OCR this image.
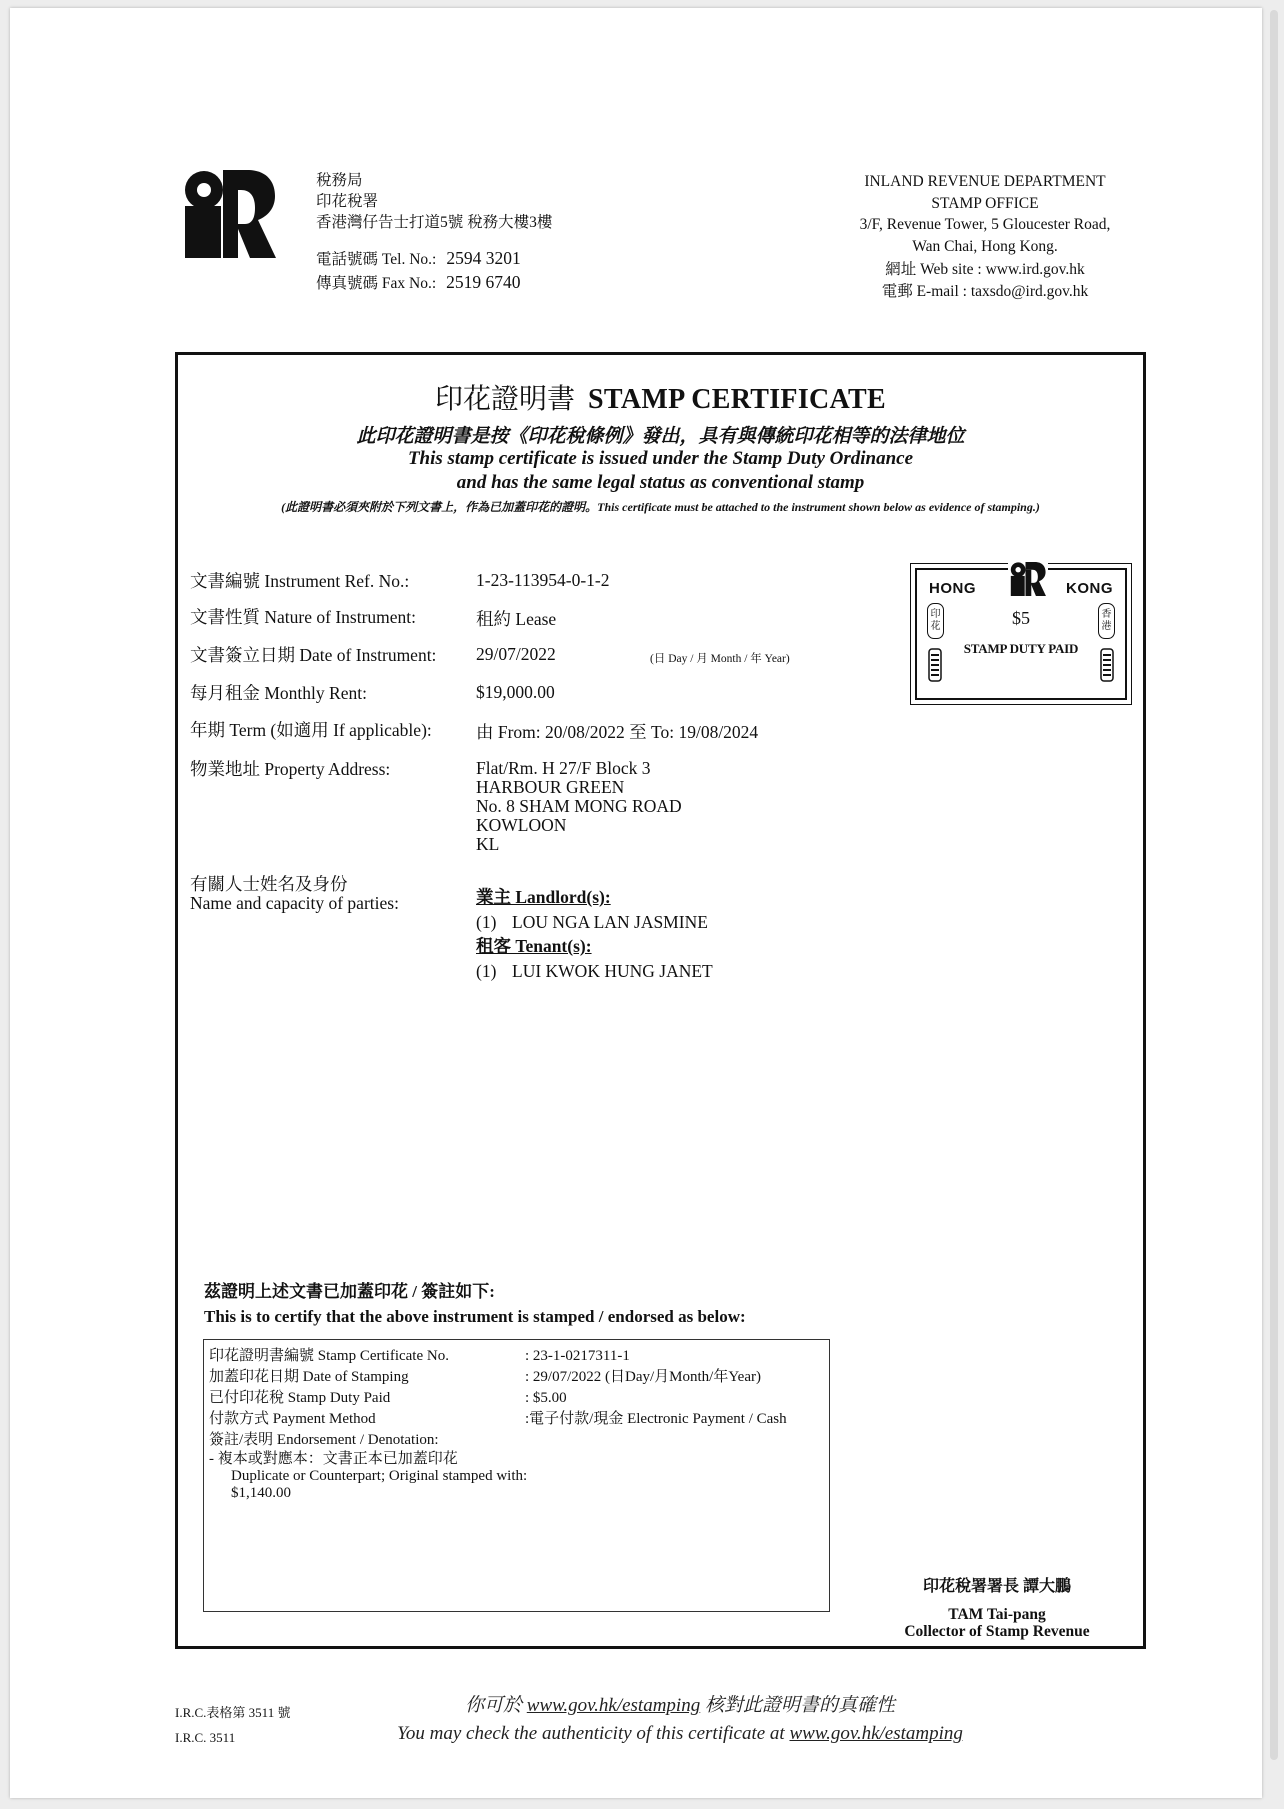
稅務局
印花稅署
香港灣仔告士打道5號 稅務大樓3樓
電話號碼 Tel. No.: 2594 3201
傳真號碼 Fax No.: 2519 6740
INLAND REVENUE DEPARTMENT
STAMP OFFICE
3/F, Revenue Tower, 5 Gloucester Road,
Wan Chai, Hong Kong.
網址 Web site : www.ird.gov.hk
電郵 E-mail : taxsdo@ird.gov.hk
印花證明書 STAMP CERTIFICATE
此印花證明書是按《印花稅條例》發出，具有與傳統印花相等的法律地位
This stamp certificate is issued under the Stamp Duty Ordinance
and has the same legal status as conventional stamp
(此證明書必須夾附於下列文書上，作為已加蓋印花的證明。This certificate must be attached to the instrument shown below as evidence of stamping.)
文書編號 Instrument Ref. No.:	1-23-113954-0-1-2
文書性質 Nature of Instrument:	租約 Lease
文書簽立日期 Date of Instrument: 29/07/2022	(日 Day / 月 Month / 年 Year)
每月租金 Monthly Rent:	$19,000.00
年期 Term (如適用 If applicable):	由 From: 20/08/2022 至 To: 19/08/2024
物業地址 Property Address:	Flat/Rm. H 27/F Block 3
HARBOUR GREEN
No. 8 SHAM MONG ROAD
KOWLOON
KL
有關人士姓名及身份
Name and capacity of parties:	業主 Landlord(s):
(1) LOU NGA LAN JASMINE
租客 Tenant(s):
(1) LUI KWOK HUNG JANET
HONG	KONG
印花
香港
$5
STAMP DUTY PAID
茲證明上述文書已加蓋印花 / 簽註如下:
This is to certify that the above instrument is stamped / endorsed as below:
印花證明書編號 Stamp Certificate No.	: 23-1-0217311-1
加蓋印花日期 Date of Stamping	: 29/07/2022 (日Day/月Month/年Year)
已付印花稅 Stamp Duty Paid	: $5.00
付款方式 Payment Method	:電子付款/現金 Electronic Payment / Cash
簽註/表明 Endorsement / Denotation:
- 複本或對應本：文書正本已加蓋印花
Duplicate or Counterpart; Original stamped with:
$1,140.00
印花稅署署長 譚大鵬
TAM Tai-pang
Collector of Stamp Revenue
I.R.C.表格第 3511 號
I.R.C. 3511
你可於 www.gov.hk/estamping 核對此證明書的真確性
You may check the authenticity of this certificate at www.gov.hk/estamping
